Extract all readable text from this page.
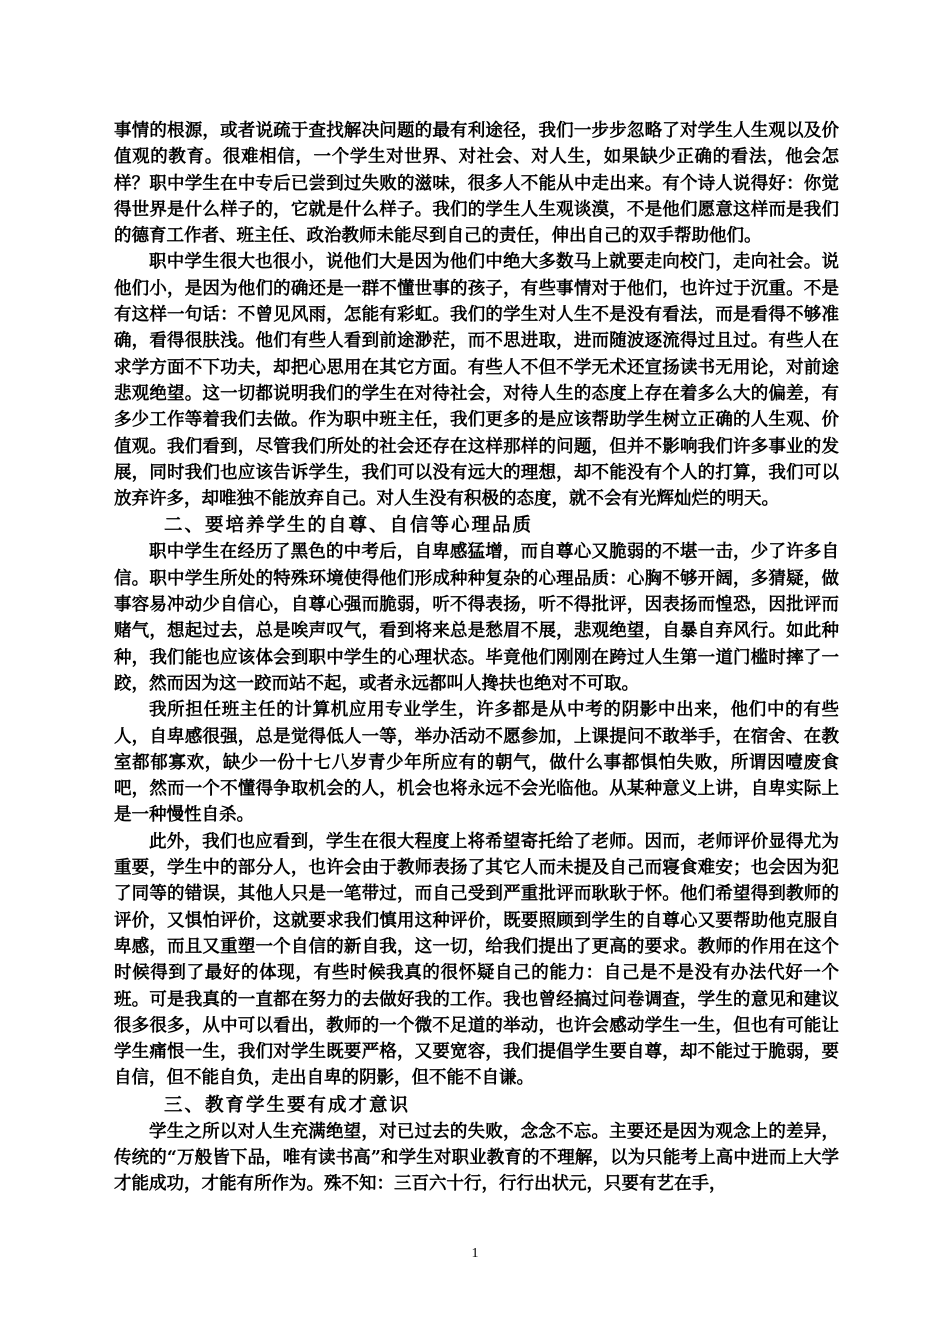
事情的根源，或者说疏于查找解决问题的最有利途径，我们一步步忽略了对学生人生观以及价值观的教育。很难相信，一个学生对世界、对社会、对人生，如果缺少正确的看法，他会怎样？职中学生在中专后已尝到过失败的滋味，很多人不能从中走出来。有个诗人说得好：你觉得世界是什么样子的，它就是什么样子。我们的学生人生观谈漠，不是他们愿意这样而是我们的德育工作者、班主任、政治教师未能尽到自己的责任，伸出自己的双手帮助他们。

职中学生很大也很小，说他们大是因为他们中绝大多数马上就要走向校门，走向社会。说他们小，是因为他们的确还是一群不懂世事的孩子，有些事情对于他们，也许过于沉重。不是有这样一句话：不曾见风雨，怎能有彩虹。我们的学生对人生不是没有看法，而是看得不够准确，看得很肤浅。他们有些人看到前途渺茫，而不思进取，进而随波逐流得过且过。有些人在求学方面不下功夫，却把心思用在其它方面。有些人不但不学无术还宣扬读书无用论，对前途悲观绝望。这一切都说明我们的学生在对待社会，对待人生的态度上存在着多么大的偏差，有多少工作等着我们去做。作为职中班主任，我们更多的是应该帮助学生树立正确的人生观、价值观。我们看到，尽管我们所处的社会还存在这样那样的问题，但并不影响我们许多事业的发展，同时我们也应该告诉学生，我们可以没有远大的理想，却不能没有个人的打算，我们可以放弃许多，却唯独不能放弃自己。对人生没有积极的态度，就不会有光辉灿烂的明天。

二、要培养学生的自尊、自信等心理品质

职中学生在经历了黑色的中考后，自卑感猛增，而自尊心又脆弱的不堪一击，少了许多自信。职中学生所处的特殊环境使得他们形成种种复杂的心理品质：心胸不够开阔，多猜疑，做事容易冲动少自信心，自尊心强而脆弱，听不得表扬，听不得批评，因表扬而惶恐，因批评而赌气，想起过去，总是唉声叹气，看到将来总是愁眉不展，悲观绝望，自暴自弃风行。如此种种，我们能也应该体会到职中学生的心理状态。毕竟他们刚刚在跨过人生第一道门槛时摔了一跤，然而因为这一跤而站不起，或者永远都叫人搀扶也绝对不可取。

我所担任班主任的计算机应用专业学生，许多都是从中考的阴影中出来，他们中的有些人，自卑感很强，总是觉得低人一等，举办活动不愿参加，上课提问不敢举手，在宿舍、在教室都郁寡欢，缺少一份十七八岁青少年所应有的朝气，做什么事都惧怕失败，所谓因噎废食吧，然而一个不懂得争取机会的人，机会也将永远不会光临他。从某种意义上讲，自卑实际上是一种慢性自杀。

此外，我们也应看到，学生在很大程度上将希望寄托给了老师。因而，老师评价显得尤为重要，学生中的部分人，也许会由于教师表扬了其它人而未提及自己而寝食难安；也会因为犯了同等的错误，其他人只是一笔带过，而自己受到严重批评而耿耿于怀。他们希望得到教师的评价，又惧怕评价，这就要求我们慎用这种评价，既要照顾到学生的自尊心又要帮助他克服自卑感，而且又重塑一个自信的新自我，这一切，给我们提出了更高的要求。教师的作用在这个时候得到了最好的体现，有些时候我真的很怀疑自己的能力：自己是不是没有办法代好一个班。可是我真的一直都在努力的去做好我的工作。我也曾经搞过问卷调查，学生的意见和建议很多很多，从中可以看出，教师的一个微不足道的举动，也许会感动学生一生，但也有可能让学生痛恨一生，我们对学生既要严格，又要宽容，我们提倡学生要自尊，却不能过于脆弱，要自信，但不能自负，走出自卑的阴影，但不能不自谦。

三、教育学生要有成才意识

学生之所以对人生充满绝望，对已过去的失败，念念不忘。主要还是因为观念上的差异，传统的“万般皆下品，唯有读书高”和学生对职业教育的不理解，以为只能考上高中进而上大学才能成功，才能有所作为。殊不知：三百六十行，行行出状元，只要有艺在手，

1
